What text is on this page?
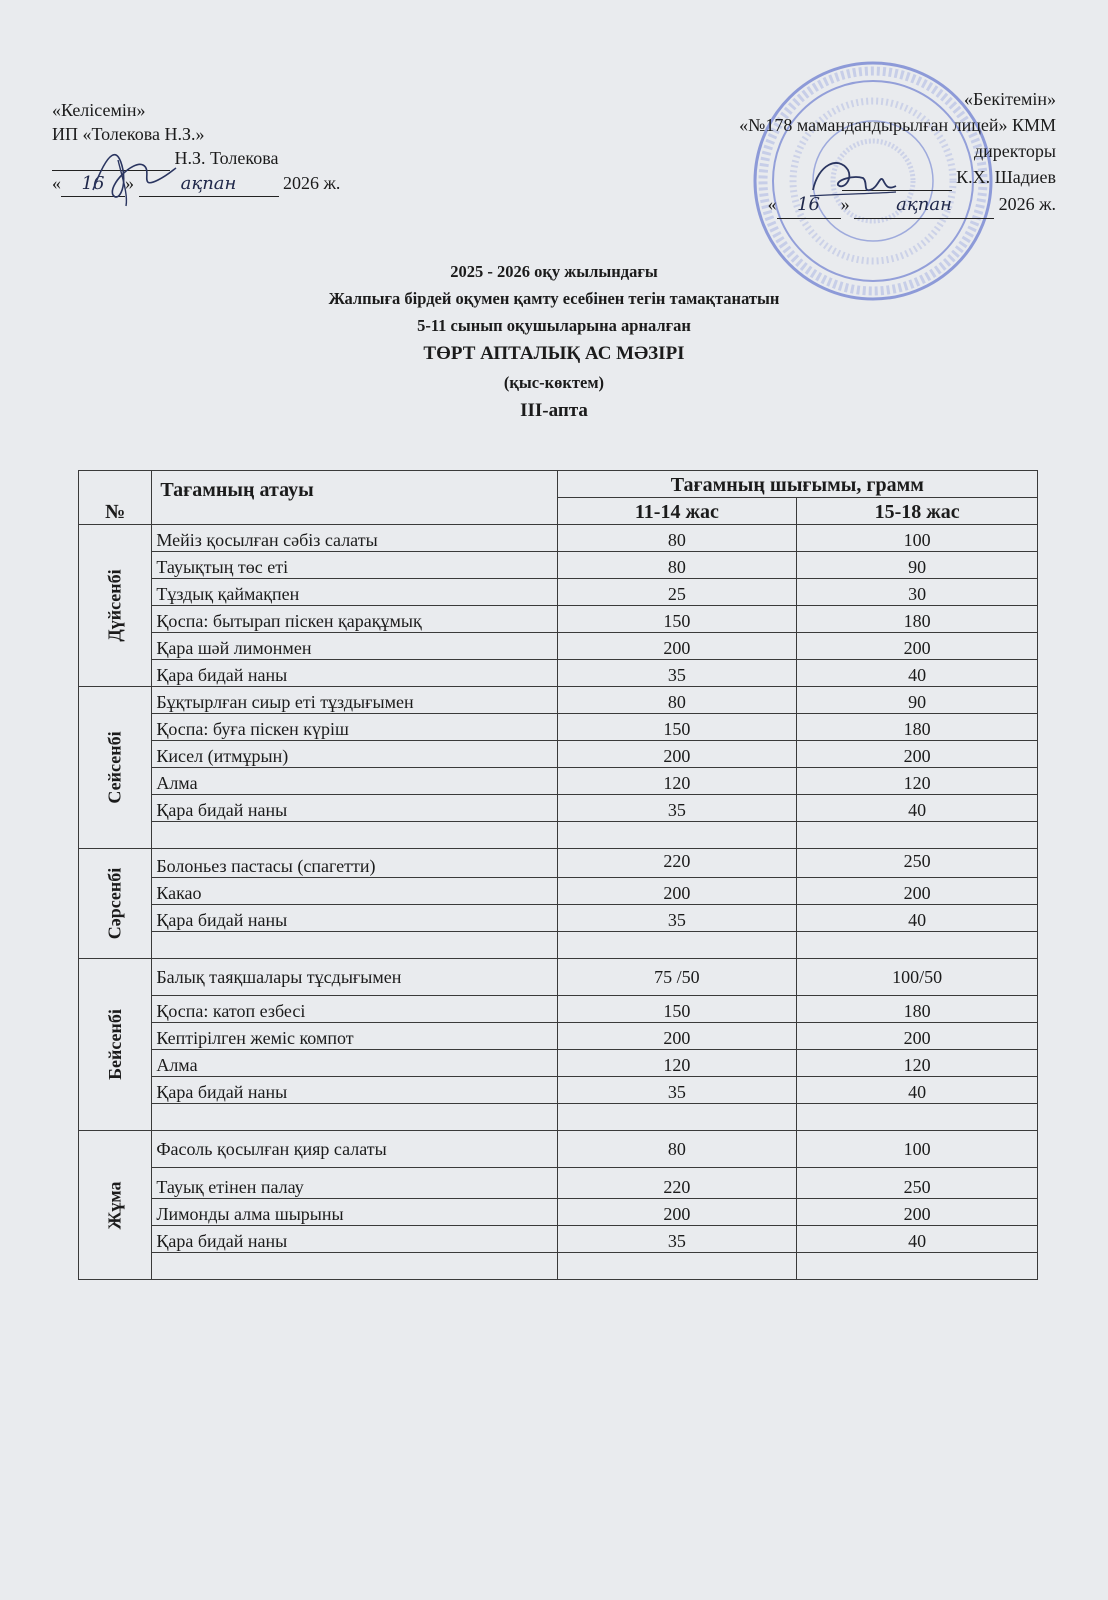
«Келісемін»
ИП «Толекова Н.З.»
Н.З. Толекова
« 16 »	ақпан	2026 ж.
«Бекітемін»
«№178 мамандандырылған лицей» КММ
директоры
К.Х. Шадиев
« 16 »	ақпан	2026 ж.
2025 - 2026 оқу жылындағы
Жалпыға бірдей оқумен қамту есебінен тегін тамақтанатын
5-11 сынып оқушыларына арналған
ТӨРТ АПТАЛЫҚ АС МӘЗІРІ
(қыс-көктем)
ІІІ-апта
№	Тағамның атауы	Тағамның шығымы, грамм	
		11-14 жас	15-18 жас
Дүйсенбі	Мейіз қосылған сәбіз салаты	80	100
	Тауықтың төс еті	80	90
	Тұздық қаймақпен	25	30
	Қоспа: бытырап піскен қарақұмық	150	180
	Қара шәй лимонмен	200	200
	Қара бидай наны	35	40
Сейсенбі	Бұқтырлған сиыр еті тұздығымен	80	90
	Қоспа: буға піскен күріш	150	180
	Кисел (итмұрын)	200	200
	Алма	120	120
	Қара бидай наны	35	40

Сәрсенбі	Болоньез пастасы (спагетти)	220	250
	Какао	200	200
	Қара бидай наны	35	40

Бейсенбі	Балық таяқшалары тұсдығымен	75 /50	100/50
	Қоспа: катоп езбесі	150	180
	Кептірілген жеміс компот	200	200
	Алма	120	120
	Қара бидай наны	35	40

Жұма	Фасоль қосылған қияр салаты	80	100
	Тауық етінен палау	220	250
	Лимонды алма шырыны	200	200
	Қара бидай наны	35	40
